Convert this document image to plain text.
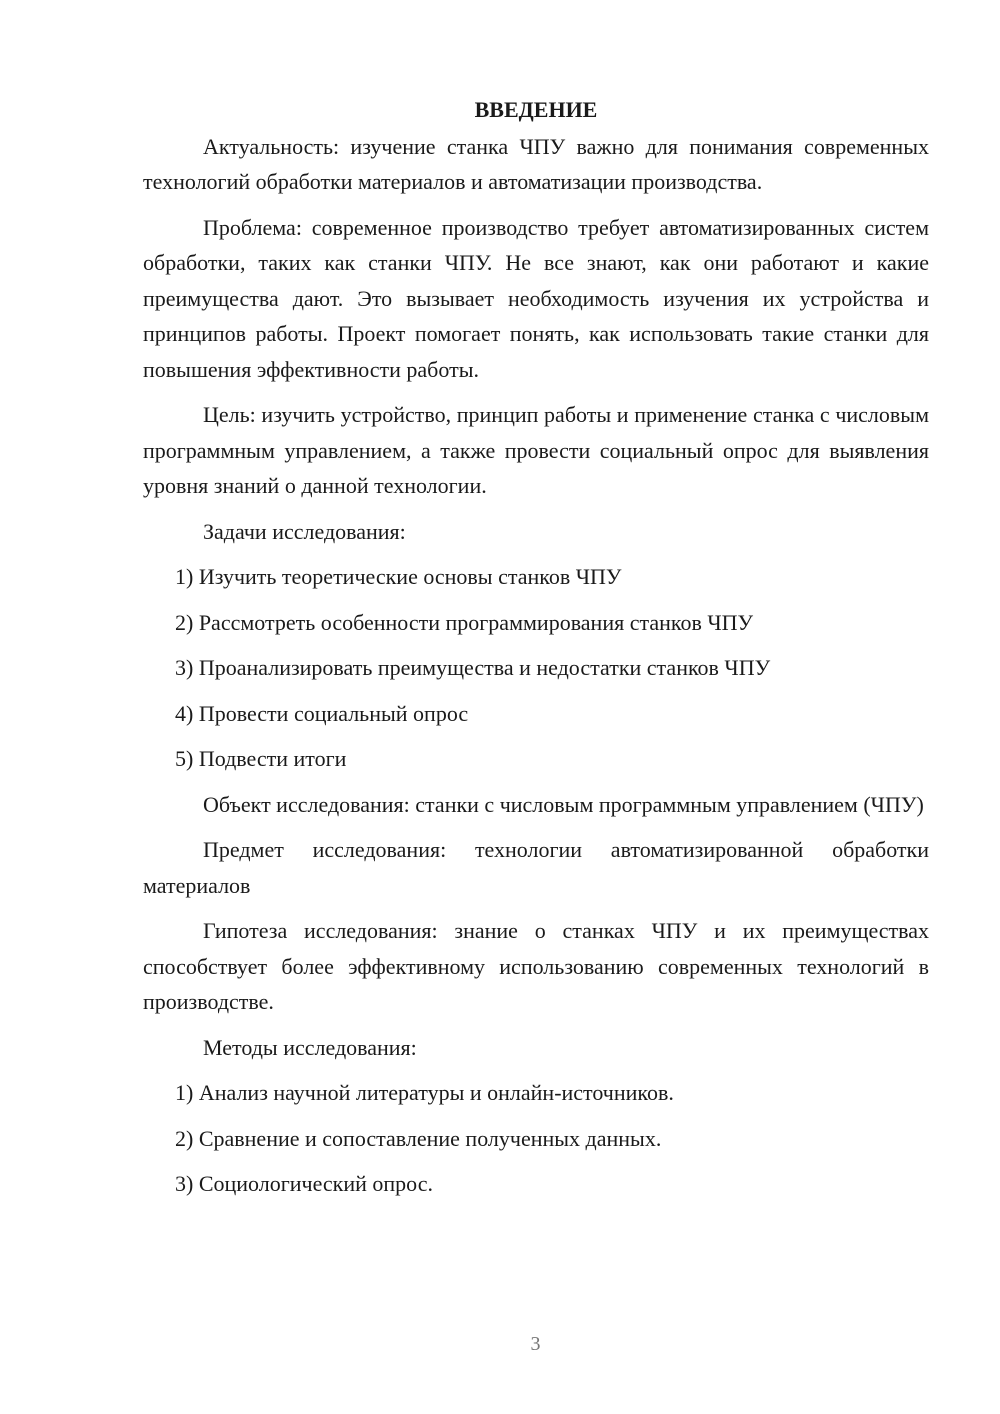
ВВЕДЕНИЕ

Актуальность: изучение станка ЧПУ важно для понимания современных технологий обработки материалов и автоматизации производства.

Проблема: современное производство требует автоматизированных систем обработки, таких как станки ЧПУ. Не все знают, как они работают и какие преимущества дают. Это вызывает необходимость изучения их устройства и принципов работы. Проект помогает понять, как использовать такие станки для повышения эффективности работы.

Цель: изучить устройство, принцип работы и применение станка с числовым программным управлением, а также провести социальный опрос для выявления уровня знаний о данной технологии.

Задачи исследования:
1) Изучить теоретические основы станков ЧПУ
2) Рассмотреть особенности программирования станков ЧПУ
3) Проанализировать преимущества и недостатки станков ЧПУ
4) Провести социальный опрос
5) Подвести итоги

Объект исследования: станки с числовым программным управлением (ЧПУ)

Предмет исследования: технологии автоматизированной обработки материалов

Гипотеза исследования: знание о станках ЧПУ и их преимуществах способствует более эффективному использованию современных технологий в производстве.

Методы исследования:
1) Анализ научной литературы и онлайн-источников.
2) Сравнение и сопоставление полученных данных.
3) Социологический опрос.
3
